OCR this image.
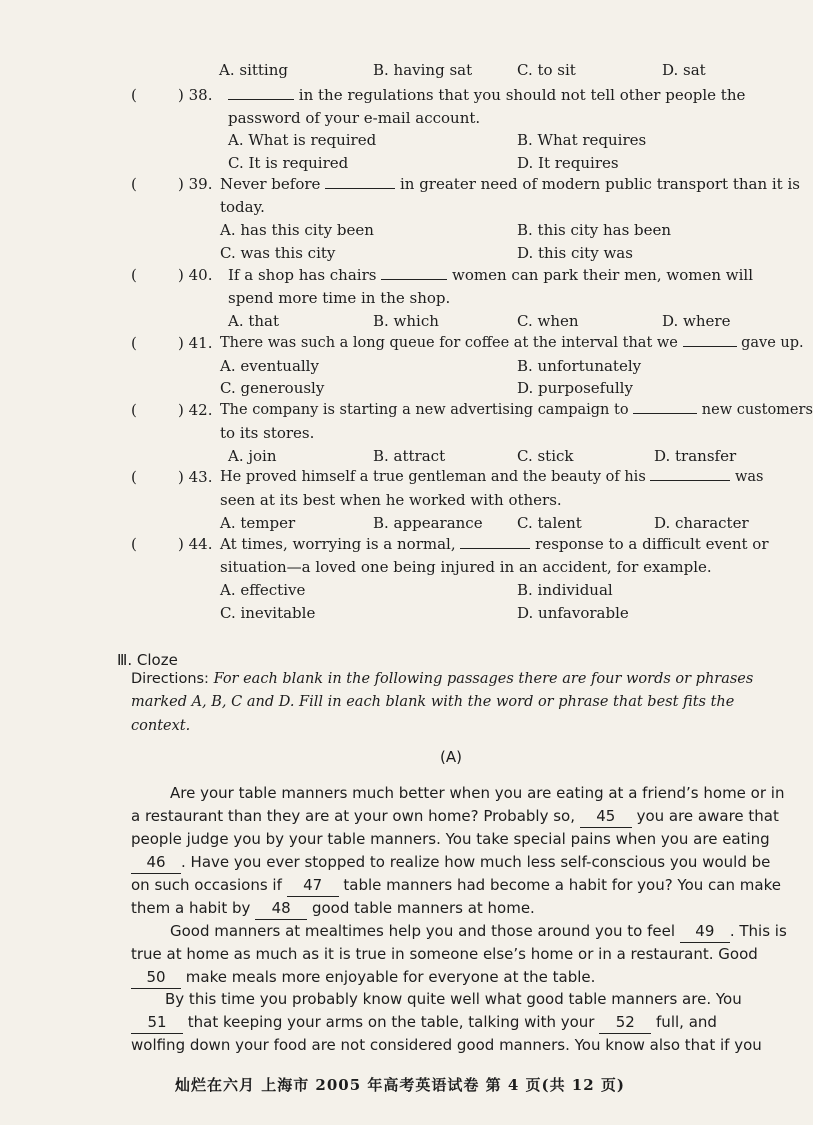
A. sitting	B. having sat	C. to sit	D. sat
(	) 38.	in the regulations that you should not tell other people the
password of your e-mail account.
A. What is required	B. What requires
C. It is required	D. It requires
(	) 39. Never before	in greater need of modern public transport than it is
today.
A. has this city been	B. this city has been
C. was this city	D. this city was
(	) 40. If a shop has chairs	women can park their men, women will
spend more time in the shop.
A. that	B. which	C. when	D. where
(	) 41. There was such a long queue for coffee at the interval that we	gave up.
A. eventually	B. unfortunately
C. generously	D. purposefully
(	) 42. The company is starting a new advertising campaign to	new customers
to its stores.
A. join	B. attract	C. stick	D. transfer
(	) 43. He proved himself a true gentleman and the beauty of his	was
seen at its best when he worked with others.
A. temper	B. appearance C. talent	D. character
(	) 44. At times, worrying is a normal,	response to a difficult event or
situation—a loved one being injured in an accident, for example.
A. effective	B. individual
C. inevitable	D. unfavorable
Ⅲ. Cloze
Directions: For each blank in the following passages there are four words or phrases
marked A, B, C and D. Fill in each blank with the word or phrase that best fits the
context.
(A)
Are your table manners much better when you are eating at a friend’s home or in
a restaurant than they are at your own home? Probably so, 45 you are aware that
people judge you by your table manners. You take special pains when you are eating
46 . Have you ever stopped to realize how much less self-conscious you would be
on such occasions if 47 table manners had become a habit for you? You can make
them a habit by 48 good table manners at home.
Good manners at mealtimes help you and those around you to feel 49 . This is
true at home as much as it is true in someone else’s home or in a restaurant. Good
50 make meals more enjoyable for everyone at the table.
By this time you probably know quite well what good table manners are. You
51 that keeping your arms on the table, talking with your 52 full, and
wolfing down your food are not considered good manners. You know also that if you
灿烂在六月 上海市 2005 年高考英语试卷 第 4 页(共 12 页)
